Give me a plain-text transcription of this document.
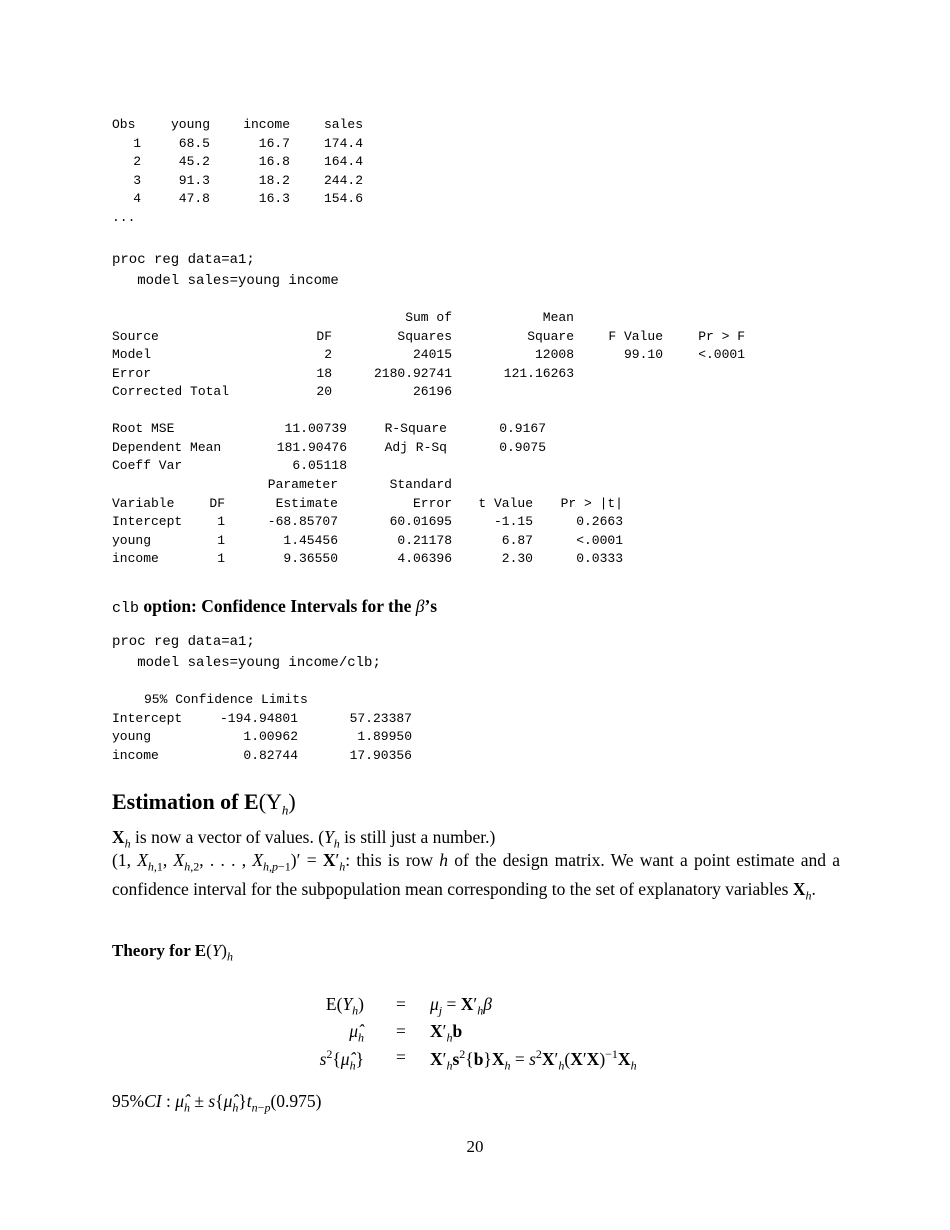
Obs	young	income	sales
1	68.5	16.7	174.4
2	45.2	16.8	164.4
3	91.3	18.2	244.2
4	47.8	16.3	154.6
...			
proc reg data=a1;
model sales=young income
		Sum of	Mean		
Source	DF	Squares	Square	F Value	Pr > F
Model	2	24015	12008	99.10	<.0001
Error	18	2180.92741	121.16263		
Corrected Total	20	26196			
Root MSE	11.00739	R-Square	0.9167
Dependent Mean	181.90476	Adj R-Sq	0.9075
Coeff Var	6.05118		
		Parameter	Standard		
Variable	DF	Estimate	Error	t Value	Pr > |t|
Intercept	1	-68.85707	60.01695	-1.15	0.2663
young	1	1.45456	0.21178	6.87	<.0001
income	1	9.36550	4.06396	2.30	0.0333
clb option: Confidence Intervals for the β’s
proc reg data=a1;
model sales=young income/clb;
95% Confidence Limits		
Intercept	-194.94801	57.23387
young	1.00962	1.89950
income	0.82744	17.90356
Estimation of $E(Y_h)$
$X_h$ is now a vector of values. ($Y_h$ is still just a number.)
(1, $X_{h,1}$, $X_{h,2}$, . . . , $X_{h,p-1})' = X'_h$: this is row h of the design matrix. We want a point estimate and a confidence interval for the subpopulation mean corresponding to the set of explanatory variables $X_h$.
Theory for $E(Y)_h$
$E(Y_h) = \mu_j = X'_h\beta$
$\mû_h = X'_hb$
$s^2\{\mû_h\} = X'_hs^2\{b\}X_h = s^2X'_h(X'X)^{-1}X_h$
95%CI : $\mû_h$ ± $s\{\mû_h\}t_{n-p}(0.975)$
20
